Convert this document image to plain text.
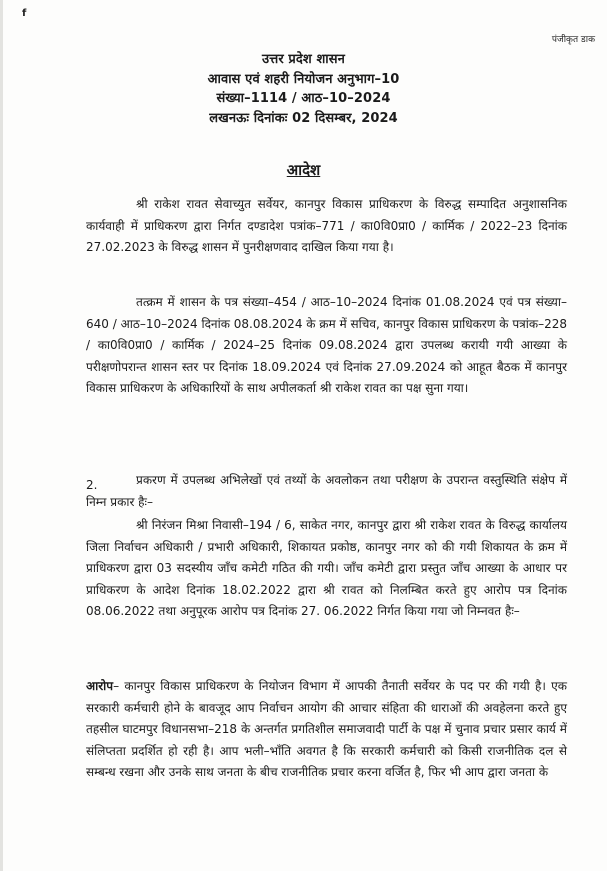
f
पंजीकृत डाक
उत्तर प्रदेश शासन
आवास एवं शहरी नियोजन अनुभाग–10
संख्या–1114 / आठ–10–2024
लखनऊः दिनांकः 02 दिसम्बर, 2024
आदेश

श्री राकेश रावत सेवाच्युत सर्वेयर, कानपुर विकास प्राधिकरण के विरुद्ध सम्पादित अनुशासनिक कार्यवाही में प्राधिकरण द्वारा निर्गत दण्डादेश पत्रांक–771 / का0वि0प्रा0 / कार्मिक / 2022–23 दिनांक 27.02.2023 के विरुद्ध शासन में पुनरीक्षणवाद दाखिल किया गया है।

तत्क्रम में शासन के पत्र संख्या–454 / आठ–10–2024 दिनांक 01.08.2024 एवं पत्र संख्या–640 / आठ–10–2024 दिनांक 08.08.2024 के क्रम में सचिव, कानपुर विकास प्राधिकरण के पत्रांक–228 / का0वि0प्रा0 / कार्मिक / 2024–25 दिनांक 09.08.2024 द्वारा उपलब्ध करायी गयी आख्या के परीक्षणोपरान्त शासन स्तर पर दिनांक 18.09.2024 एवं दिनांक 27.09.2024 को आहूत बैठक में कानपुर विकास प्राधिकरण के अधिकारियों के साथ अपीलकर्ता श्री राकेश रावत का पक्ष सुना गया।

2.	प्रकरण में उपलब्ध अभिलेखों एवं तथ्यों के अवलोकन तथा परीक्षण के उपरान्त वस्तुस्थिति संक्षेप में निम्न प्रकार हैः–

श्री निरंजन मिश्रा निवासी–194 / 6, साकेत नगर, कानपुर द्वारा श्री राकेश रावत के विरुद्ध कार्यालय जिला निर्वाचन अधिकारी / प्रभारी अधिकारी, शिकायत प्रकोष्ठ, कानपुर नगर को की गयी शिकायत के क्रम में प्राधिकरण द्वारा 03 सदस्यीय जाँच कमेटी गठित की गयी। जाँच कमेटी द्वारा प्रस्तुत जाँच आख्या के आधार पर प्राधिकरण के आदेश दिनांक 18.02.2022 द्वारा श्री रावत को निलम्बित करते हुए आरोप पत्र दिनांक 08.06.2022 तथा अनुपूरक आरोप पत्र दिनांक 27. 06.2022 निर्गत किया गया जो निम्नवत हैः–

आरोप– कानपुर विकास प्राधिकरण के नियोजन विभाग में आपकी तैनाती सर्वेयर के पद पर की गयी है। एक सरकारी कर्मचारी होने के बावजूद आप निर्वाचन आयोग की आचार संहिता की धाराओं की अवहेलना करते हुए तहसील घाटमपुर विधानसभा–218 के अन्तर्गत प्रगतिशील समाजवादी पार्टी के पक्ष में चुनाव प्रचार प्रसार कार्य में संलिप्तता प्रदर्शित हो रही है। आप भली–भाँति अवगत है कि सरकारी कर्मचारी को किसी राजनीतिक दल से सम्बन्ध रखना और उनके साथ जनता के बीच राजनीतिक प्रचार करना वर्जित है, फिर भी आप द्वारा जनता के
